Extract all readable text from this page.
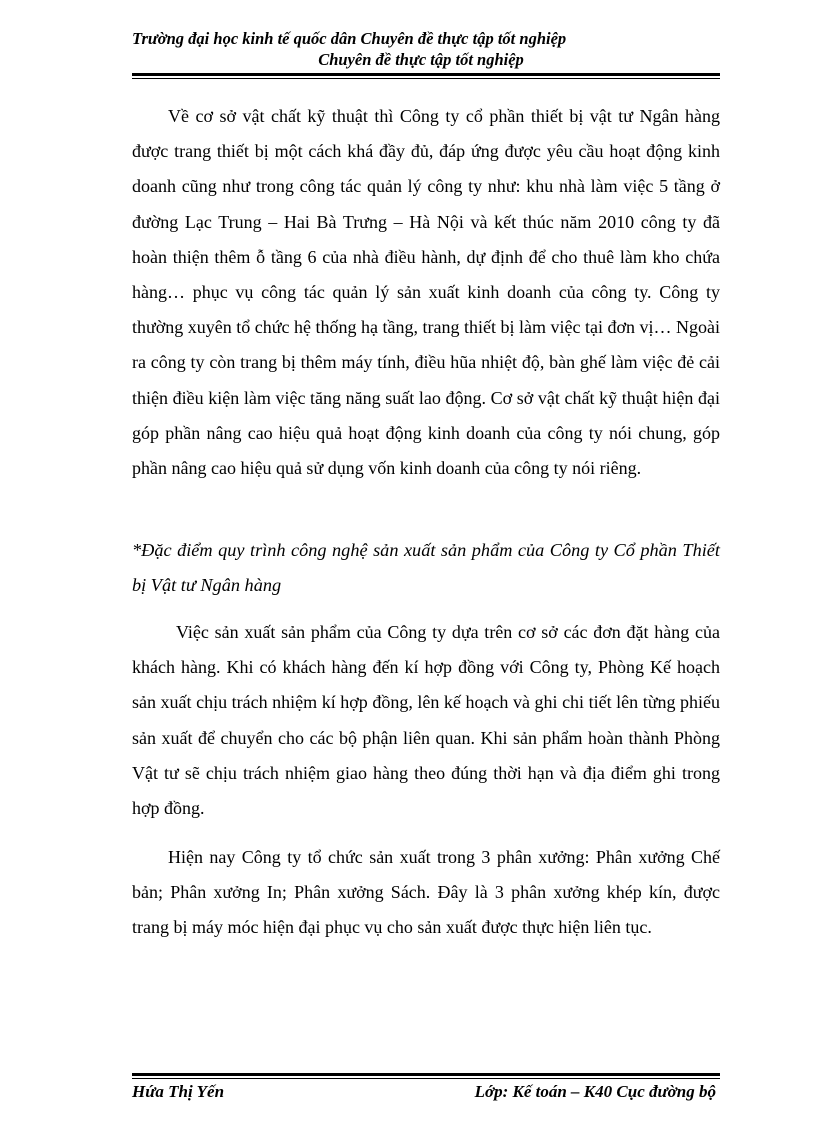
Trường đại học kinh tế quốc dân Chuyên đề thực tập tốt nghiệp
Chuyên đề thực tập tốt nghiệp

Về cơ sở vật chất kỹ thuật thì Công ty cổ phần thiết bị vật tư Ngân hàng được trang thiết bị một cách khá đầy đủ, đáp ứng được yêu cầu hoạt động kinh doanh cũng như trong công tác quản lý công ty như: khu nhà làm việc 5 tầng ở đường Lạc Trung – Hai Bà Trưng – Hà Nội và kết thúc năm 2010 công ty đã hoàn thiện thêm ỗ tầng 6 của nhà điều hành, dự định để cho thuê làm kho chứa hàng… phục vụ công tác quản lý sản xuất kinh doanh của công ty. Công ty thường xuyên tổ chức hệ thống hạ tầng, trang thiết bị làm việc tại đơn vị… Ngoài ra công ty còn trang bị thêm máy tính, điều hũa nhiệt độ, bàn ghế làm việc đẻ cải thiện điều kiện làm việc tăng năng suất lao động. Cơ sở vật chất kỹ thuật hiện đại góp phần nâng cao hiệu quả hoạt động kinh doanh của công ty nói chung, góp phần nâng cao hiệu quả sử dụng vốn kinh doanh của công ty nói riêng.

*Đặc điểm quy trình công nghệ sản xuất sản phẩm của Công ty Cổ phần Thiết bị Vật tư Ngân hàng

Việc sản xuất sản phẩm của Công ty dựa trên cơ sở các đơn đặt hàng của khách hàng. Khi có khách hàng đến kí hợp đồng với Công ty, Phòng Kế hoạch sản xuất chịu trách nhiệm kí hợp đồng, lên kế hoạch và ghi chi tiết lên từng phiếu sản xuất để chuyển cho các bộ phận liên quan. Khi sản phẩm hoàn thành Phòng Vật tư sẽ chịu trách nhiệm giao hàng theo đúng thời hạn và địa điểm ghi trong hợp đồng.

Hiện nay Công ty tổ chức sản xuất trong 3 phân xưởng: Phân xưởng Chế bản; Phân xưởng In; Phân xưởng Sách. Đây là 3 phân xưởng khép kín, được trang bị máy móc hiện đại phục vụ cho sản xuất được thực hiện liên tục.

Hứa Thị Yến	Lớp: Kế toán – K40 Cục đường bộ
